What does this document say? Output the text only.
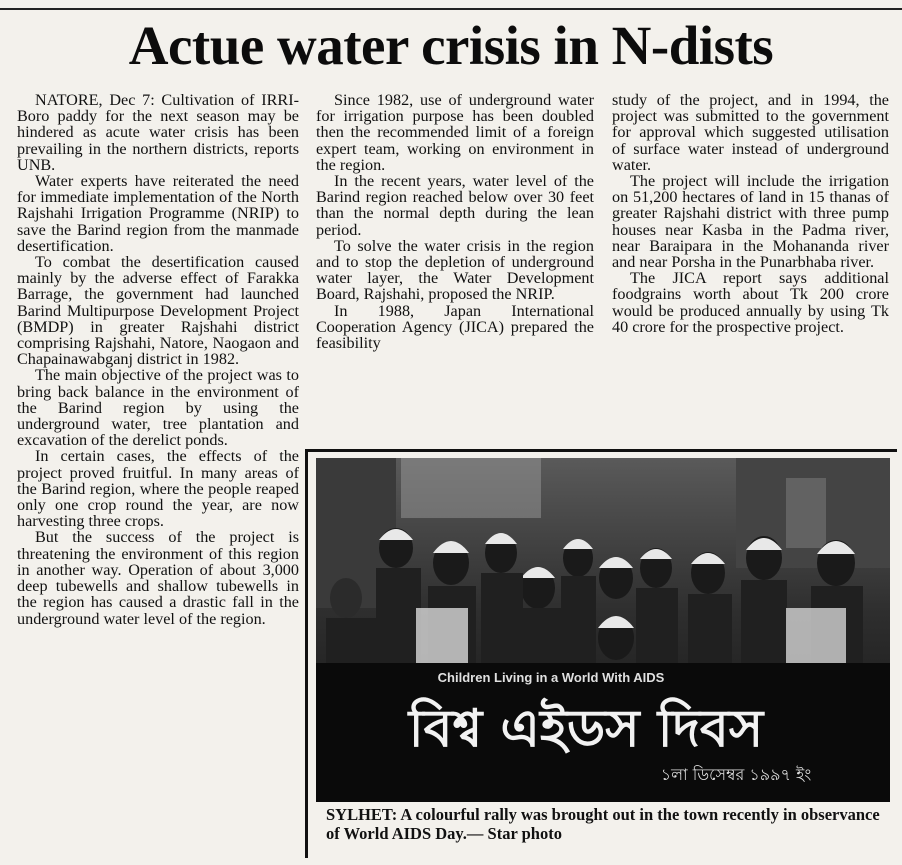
Actue water crisis in N-dists

NATORE, Dec 7: Cultivation of IRRI-Boro paddy for the next season may be hindered as acute water crisis has been prevailing in the northern districts, reports UNB.

Water experts have reiterated the need for immediate implementation of the North Rajshahi Irrigation Programme (NRIP) to save the Barind region from the manmade desertification.

To combat the desertification caused mainly by the adverse effect of Farakka Barrage, the government had launched Barind Multipurpose Development Project (BMDP) in greater Rajshahi district comprising Rajshahi, Natore, Naogaon and Chapainawabganj district in 1982.

The main objective of the project was to bring back balance in the environment of the Barind region by using the underground water, tree plantation and excavation of the derelict ponds.

In certain cases, the effects of the project proved fruitful. In many areas of the Barind region, where the people reaped only one crop round the year, are now harvesting three crops.

But the success of the project is threatening the environment of this region in another way. Operation of about 3,000 deep tubewells and shallow tubewells in the region has caused a drastic fall in the underground water level of the region.

Since 1982, use of underground water for irrigation purpose has been doubled then the recommended limit of a foreign expert team, working on environment in the region.

In the recent years, water level of the Barind region reached below over 30 feet than the normal depth during the lean period.

To solve the water crisis in the region and to stop the depletion of underground water layer, the Water Development Board, Rajshahi, proposed the NRIP.

In 1988, Japan International Cooperation Agency (JICA) prepared the feasibility

study of the project, and in 1994, the project was submitted to the government for approval which suggested utilisation of surface water instead of underground water.

The project will include the irrigation on 51,200 hectares of land in 15 thanas of greater Rajshahi district with three pump houses near Kasba in the Padma river, near Baraipara in the Mohananda river and near Porsha in the Punarbhaba river.

The JICA report says additional foodgrains worth about Tk 200 crore would be produced annually by using Tk 40 crore for the prospective project.

Children Living in a World With AIDS
বিশ্ব এইডস দিবস
১লা ডিসেম্বর ১৯৯৭ ইং
SYLHET: A colourful rally was brought out in the town recently in observance of World AIDS Day.— Star photo
